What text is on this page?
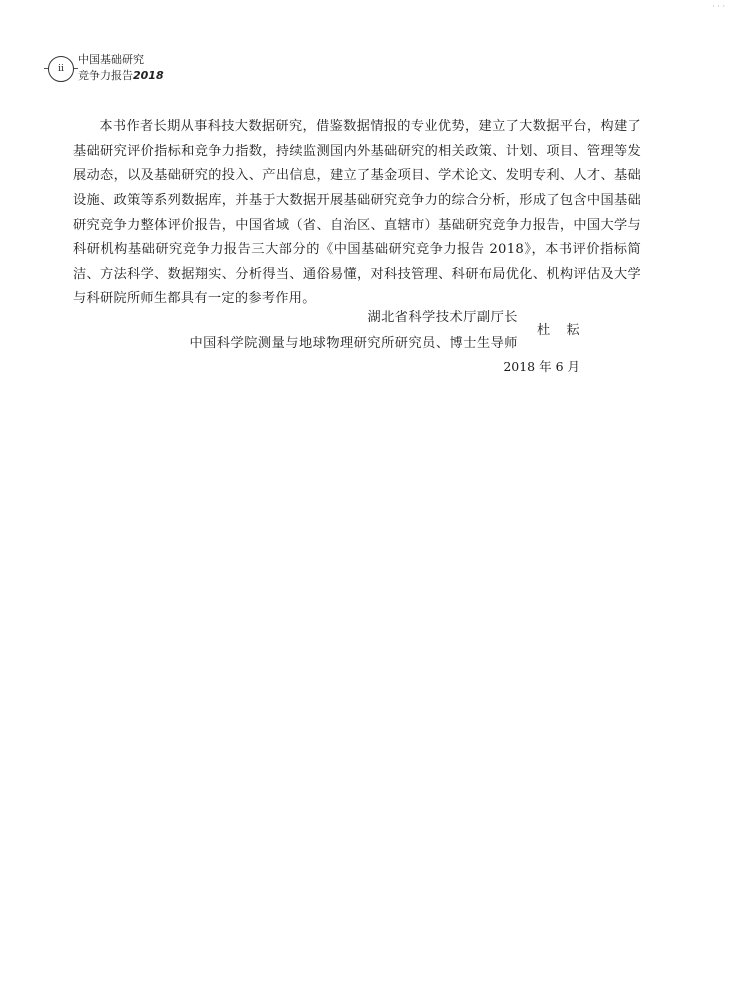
· · ·
ii
中国基础研究
竞争力报告2018

本书作者长期从事科技大数据研究，借鉴数据情报的专业优势，建立了大数据平台，构建了基础研究评价指标和竞争力指数，持续监测国内外基础研究的相关政策、计划、项目、管理等发展动态，以及基础研究的投入、产出信息，建立了基金项目、学术论文、发明专利、人才、基础设施、政策等系列数据库，并基于大数据开展基础研究竞争力的综合分析，形成了包含中国基础研究竞争力整体评价报告，中国省域（省、自治区、直辖市）基础研究竞争力报告，中国大学与科研机构基础研究竞争力报告三大部分的《中国基础研究竞争力报告 2018》，本书评价指标简洁、方法科学、数据翔实、分析得当、通俗易懂，对科技管理、科研布局优化、机构评估及大学与科研院所师生都具有一定的参考作用。

湖北省科学技术厅副厅长
中国科学院测量与地球物理研究所研究员、博士生导师
杜 耘
2018 年 6 月
